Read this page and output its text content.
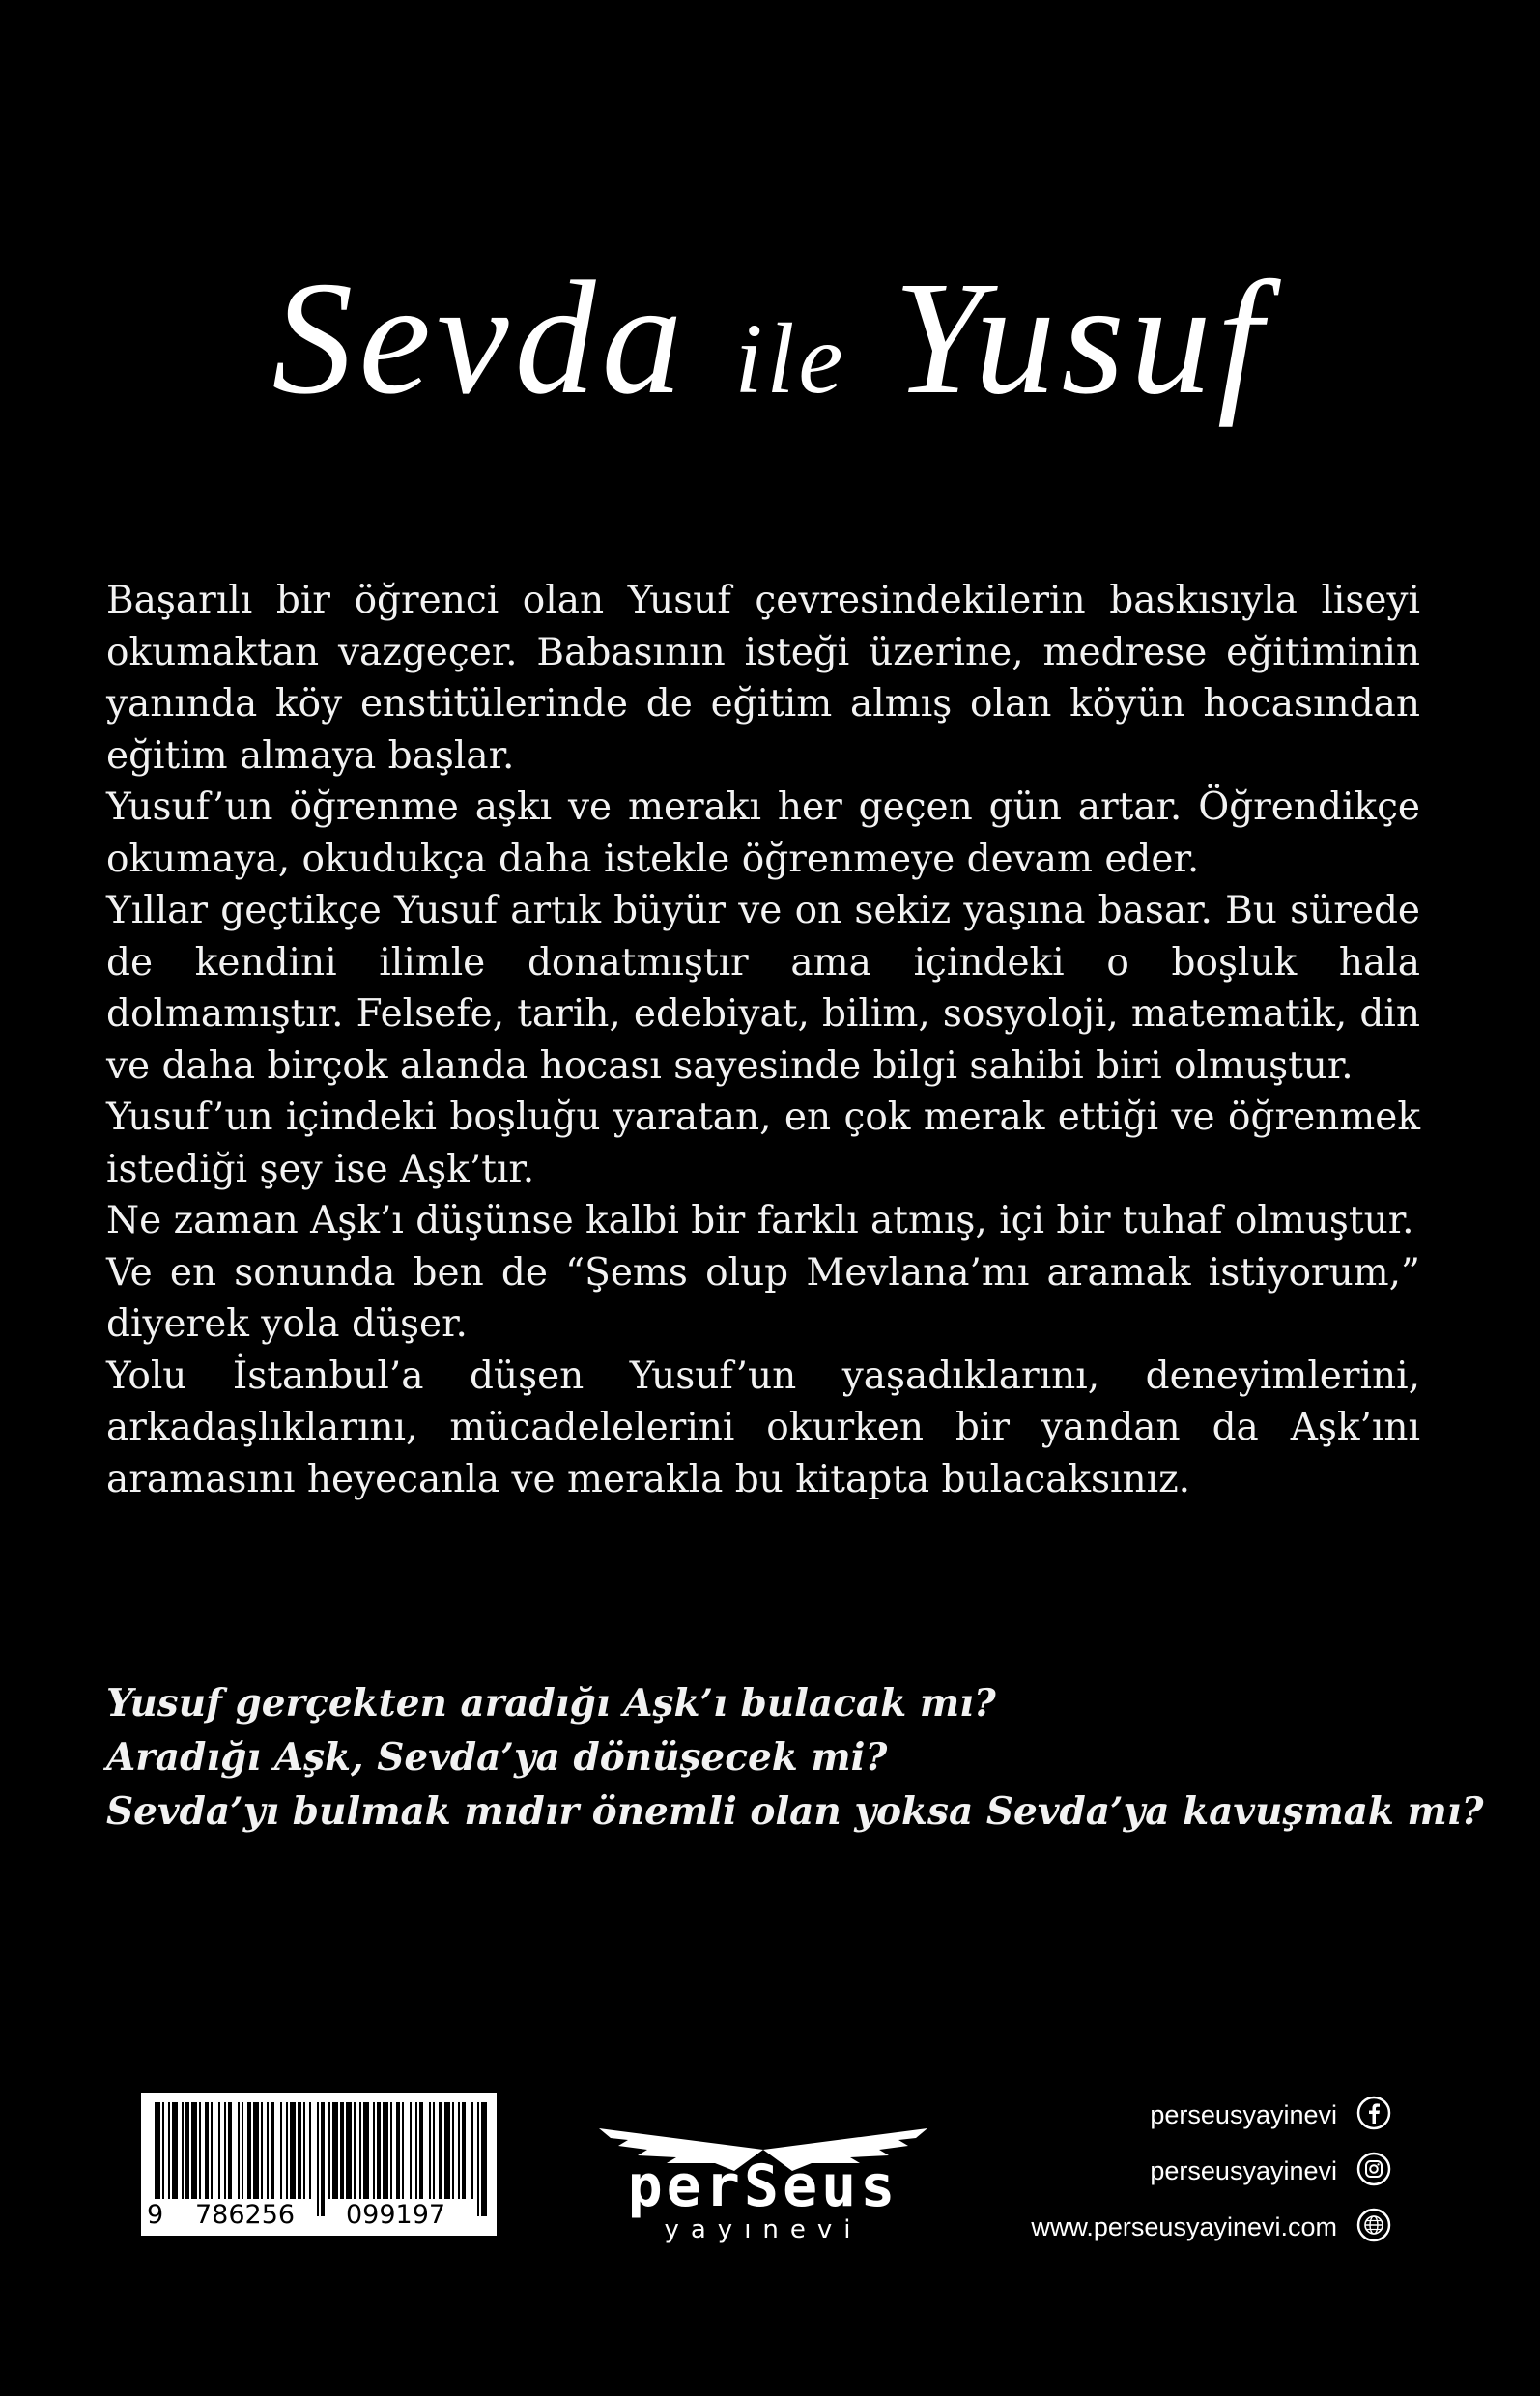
Sevda ile Yusuf

Başarılı bir öğrenci olan Yusuf çevresindekilerin baskısıyla liseyi okumaktan vazgeçer. Babasının isteği üzerine, medrese eğitiminin yanında köy enstitülerinde de eğitim almış olan köyün hocasından eğitim almaya başlar.

Yusuf’un öğrenme aşkı ve merakı her geçen gün artar. Öğrendikçe okumaya, okudukça daha istekle öğrenmeye devam eder.

Yıllar geçtikçe Yusuf artık büyür ve on sekiz yaşına basar. Bu sürede de kendini ilimle donatmıştır ama içindeki o boşluk hala dolmamıştır. Felsefe, tarih, edebiyat, bilim, sosyoloji, matematik, din ve daha birçok alanda hocası sayesinde bilgi sahibi biri olmuştur.

Yusuf’un içindeki boşluğu yaratan, en çok merak ettiği ve öğrenmek istediği şey ise Aşk’tır.

Ne zaman Aşk’ı düşünse kalbi bir farklı atmış, içi bir tuhaf olmuştur.

Ve en sonunda ben de “Şems olup Mevlana’mı aramak istiyorum,” diyerek yola düşer.

Yolu İstanbul’a düşen Yusuf’un yaşadıklarını, deneyimlerini, arkadaşlıklarını, mücadelelerini okurken bir yandan da Aşk’ını aramasını heyecanla ve merakla bu kitapta bulacaksınız.

Yusuf gerçekten aradığı Aşk’ı bulacak mı?

Aradığı Aşk, Sevda’ya dönüşecek mi?

Sevda’yı bulmak mıdır önemli olan yoksa Sevda’ya kavuşmak mı?

9 786256 099197	perSeus
yayınevi
perseusyayinevi
perseusyayinevi
www.perseusyayinevi.com
